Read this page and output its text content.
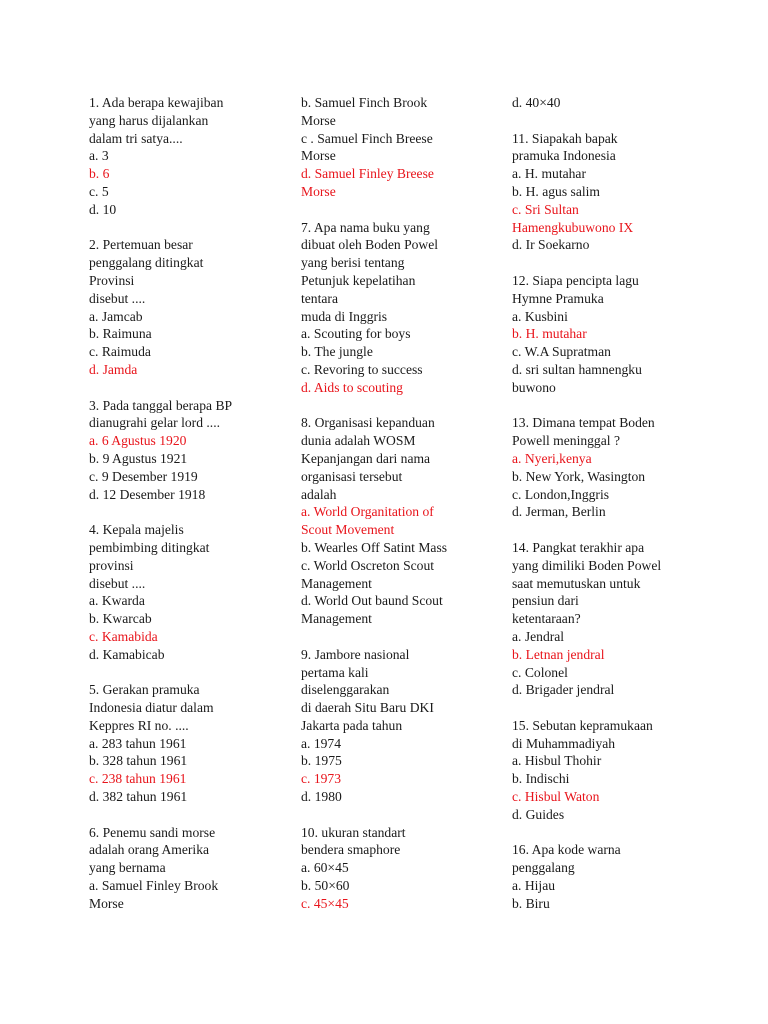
1. Ada berapa kewajiban
yang harus dijalankan
dalam tri satya....
a. 3
b. 6
c. 5
d. 10
2. Pertemuan besar
penggalang ditingkat
Provinsi
disebut ....
a. Jamcab
b. Raimuna
c. Raimuda
d. Jamda
3. Pada tanggal berapa BP
dianugrahi gelar lord ....
a. 6 Agustus 1920
b. 9 Agustus 1921
c. 9 Desember 1919
d. 12 Desember 1918
4. Kepala majelis
pembimbing ditingkat
provinsi
disebut ....
a. Kwarda
b. Kwarcab
c. Kamabida
d. Kamabicab
5. Gerakan pramuka
Indonesia diatur dalam
Keppres RI no. ....
a. 283 tahun 1961
b. 328 tahun 1961
c. 238 tahun 1961
d. 382 tahun 1961
6. Penemu sandi morse
adalah orang Amerika
yang bernama
a. Samuel Finley Brook
Morse
b. Samuel Finch Brook
Morse
c . Samuel Finch Breese
Morse
d. Samuel Finley Breese
Morse
7. Apa nama buku yang
dibuat oleh Boden Powel
yang berisi tentang
Petunjuk kepelatihan
tentara
muda di Inggris
a. Scouting for boys
b. The jungle
c. Revoring to success
d. Aids to scouting
8. Organisasi kepanduan
dunia adalah WOSM
Kepanjangan dari nama
organisasi tersebut
adalah
a. World Organitation of
Scout Movement
b. Wearles Off Satint Mass
c. World Oscreton Scout
Management
d. World Out baund Scout
Management
9. Jambore nasional
pertama kali
diselenggarakan
di daerah Situ Baru DKI
Jakarta pada tahun
a. 1974
b. 1975
c. 1973
d. 1980
10. ukuran standart
bendera smaphore
a. 60×45
b. 50×60
c. 45×45
d. 40×40
11. Siapakah bapak
pramuka Indonesia
a. H. mutahar
b. H. agus salim
c. Sri Sultan
Hamengkubuwono IX
d. Ir Soekarno
12. Siapa pencipta lagu
Hymne Pramuka
a. Kusbini
b. H. mutahar
c. W.A Supratman
d. sri sultan hamnengku
buwono
13. Dimana tempat Boden
Powell meninggal ?
a. Nyeri,kenya
b. New York, Wasington
c. London,Inggris
d. Jerman, Berlin
14. Pangkat terakhir apa
yang dimiliki Boden Powel
saat memutuskan untuk
pensiun dari
ketentaraan?
a. Jendral
b. Letnan jendral
c. Colonel
d. Brigader jendral
15. Sebutan kepramukaan
di Muhammadiyah
a. Hisbul Thohir
b. Indischi
c. Hisbul Waton
d. Guides
16. Apa kode warna
penggalang
a. Hijau
b. Biru
